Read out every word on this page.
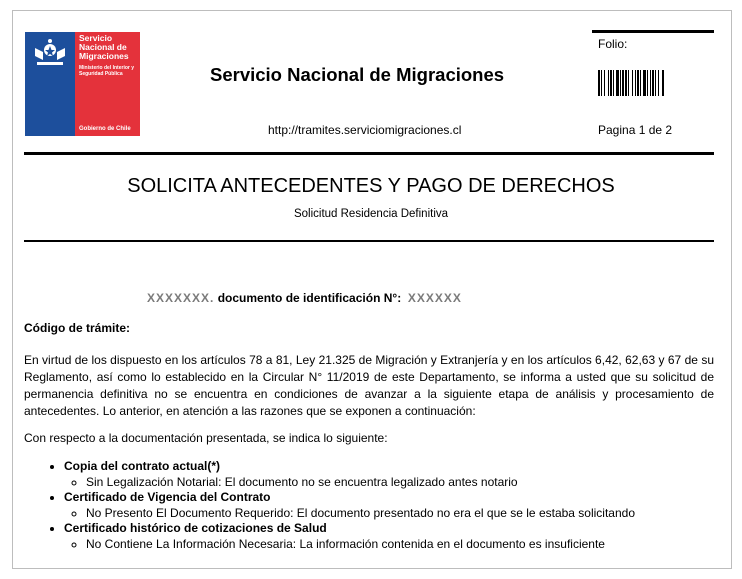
Servicio Nacional de Migraciones
Ministerio del Interior y Seguridad Pública
Gobierno de Chile
Servicio Nacional de Migraciones
http://tramites.serviciomigraciones.cl
Folio:
Pagina 1 de 2
SOLICITA ANTECEDENTES Y PAGO DE DERECHOS
Solicitud Residencia Definitiva
XXXXXXX. documento de identificación N°: XXXXXX
Código de trámite:
En virtud de los dispuesto en los artículos 78 a 81, Ley 21.325 de Migración y Extranjería y en los artículos 6,42, 62,63 y 67 de su Reglamento, así como lo establecido en la Circular N° 11/2019 de este Departamento, se informa a usted que su solicitud de permanencia definitiva no se encuentra en condiciones de avanzar a la siguiente etapa de análisis y procesamiento de antecedentes. Lo anterior, en atención a las razones que se exponen a continuación:
Con respecto a la documentación presentada, se indica lo siguiente:
• Copia del contrato actual(*)
◦ Sin Legalización Notarial: El documento no se encuentra legalizado antes notario
• Certificado de Vigencia del Contrato
◦ No Presento El Documento Requerido: El documento presentado no era el que se le estaba solicitando
• Certificado histórico de cotizaciones de Salud
◦ No Contiene La Información Necesaria: La información contenida en el documento es insuficiente
